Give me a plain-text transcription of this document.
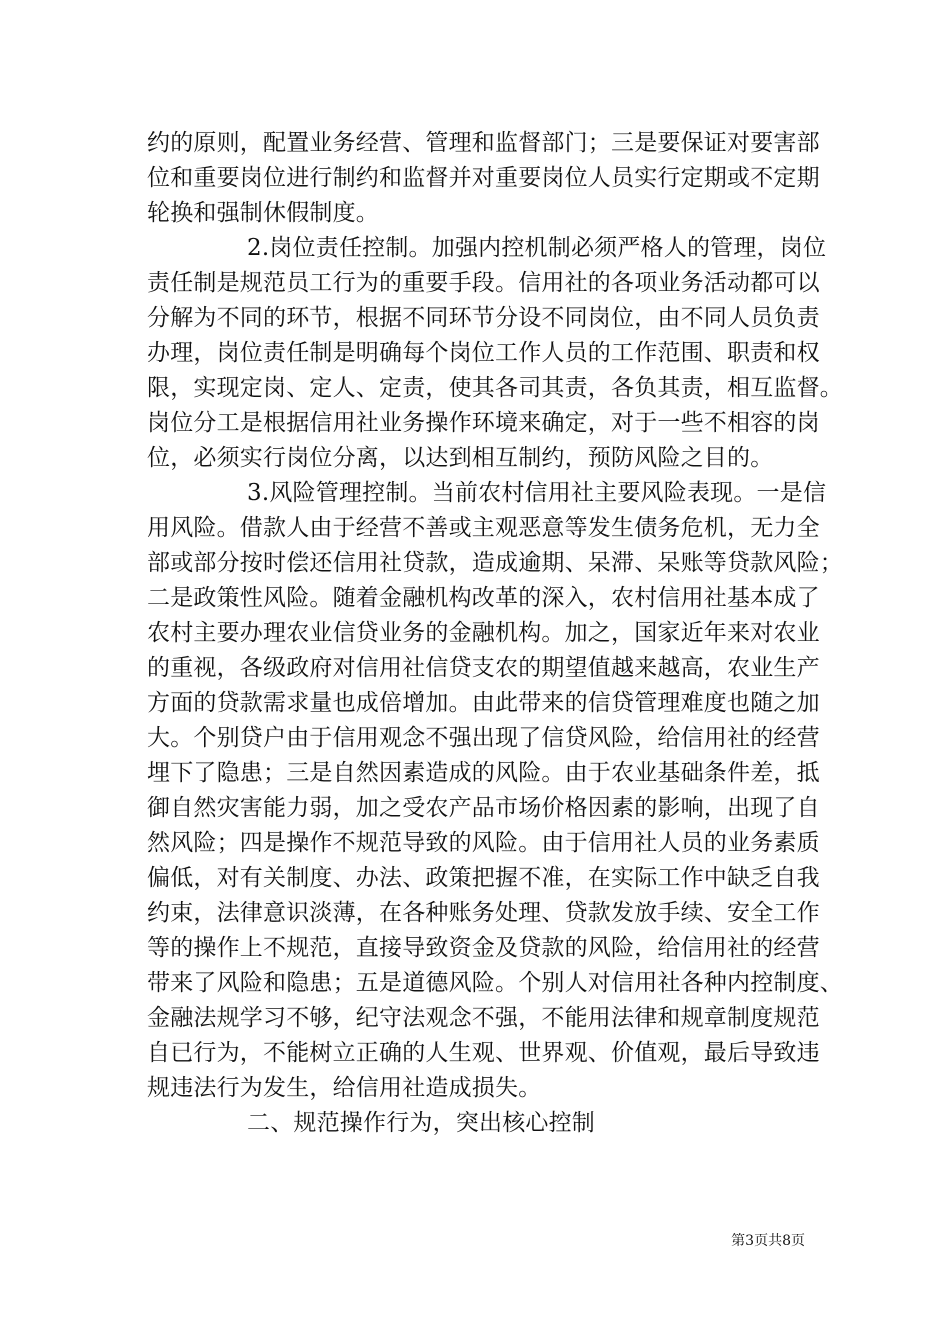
约的原则，配置业务经营、管理和监督部门；三是要保证对要害部
位和重要岗位进行制约和监督并对重要岗位人员实行定期或不定期
轮换和强制休假制度。
2.岗位责任控制。加强内控机制必须严格人的管理，岗位
责任制是规范员工行为的重要手段。信用社的各项业务活动都可以
分解为不同的环节，根据不同环节分设不同岗位，由不同人员负责
办理，岗位责任制是明确每个岗位工作人员的工作范围、职责和权
限，实现定岗、定人、定责，使其各司其责，各负其责，相互监督。
岗位分工是根据信用社业务操作环境来确定，对于一些不相容的岗
位，必须实行岗位分离，以达到相互制约，预防风险之目的。
3.风险管理控制。当前农村信用社主要风险表现。一是信
用风险。借款人由于经营不善或主观恶意等发生债务危机，无力全
部或部分按时偿还信用社贷款，造成逾期、呆滞、呆账等贷款风险；
二是政策性风险。随着金融机构改革的深入，农村信用社基本成了
农村主要办理农业信贷业务的金融机构。加之，国家近年来对农业
的重视，各级政府对信用社信贷支农的期望值越来越高，农业生产
方面的贷款需求量也成倍增加。由此带来的信贷管理难度也随之加
大。个别贷户由于信用观念不强出现了信贷风险，给信用社的经营
埋下了隐患；三是自然因素造成的风险。由于农业基础条件差，抵
御自然灾害能力弱，加之受农产品市场价格因素的影响，出现了自
然风险；四是操作不规范导致的风险。由于信用社人员的业务素质
偏低，对有关制度、办法、政策把握不准，在实际工作中缺乏自我
约束，法律意识淡薄，在各种账务处理、贷款发放手续、安全工作
等的操作上不规范，直接导致资金及贷款的风险，给信用社的经营
带来了风险和隐患；五是道德风险。个别人对信用社各种内控制度、
金融法规学习不够，纪守法观念不强，不能用法律和规章制度规范
自已行为，不能树立正确的人生观、世界观、价值观，最后导致违
规违法行为发生，给信用社造成损失。
二、规范操作行为，突出核心控制
第3页共8页
